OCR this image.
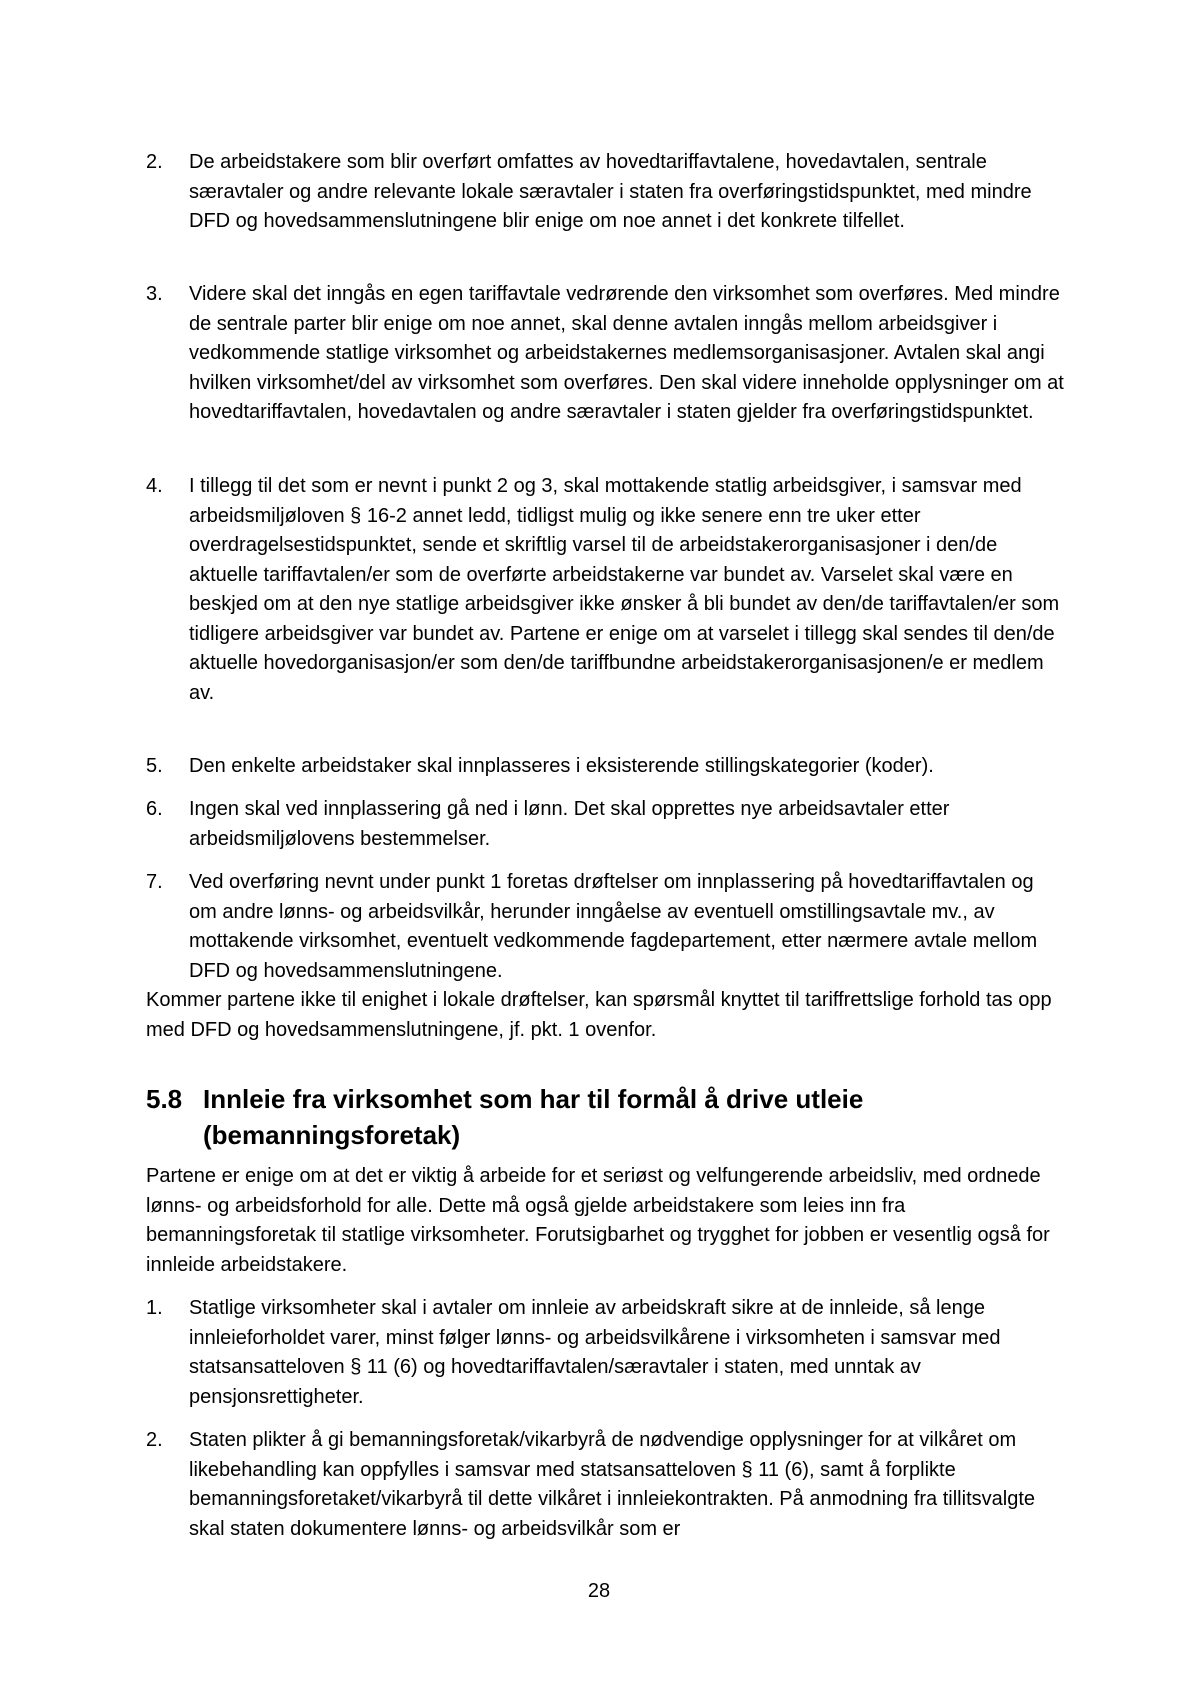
2. De arbeidstakere som blir overført omfattes av hovedtariffavtalene, hovedavtalen, sentrale særavtaler og andre relevante lokale særavtaler i staten fra overføringstidspunktet, med mindre DFD og hovedsammenslutningene blir enige om noe annet i det konkrete tilfellet.
3. Videre skal det inngås en egen tariffavtale vedrørende den virksomhet som overføres. Med mindre de sentrale parter blir enige om noe annet, skal denne avtalen inngås mellom arbeidsgiver i vedkommende statlige virksomhet og arbeidstakernes medlemsorganisasjoner. Avtalen skal angi hvilken virksomhet/del av virksomhet som overføres. Den skal videre inneholde opplysninger om at hovedtariffavtalen, hovedavtalen og andre særavtaler i staten gjelder fra overføringstidspunktet.
4. I tillegg til det som er nevnt i punkt 2 og 3, skal mottakende statlig arbeidsgiver, i samsvar med arbeidsmiljøloven § 16-2 annet ledd, tidligst mulig og ikke senere enn tre uker etter overdragelsestidspunktet, sende et skriftlig varsel til de arbeidstakerorganisasjoner i den/de aktuelle tariffavtalen/er som de overførte arbeidstakerne var bundet av. Varselet skal være en beskjed om at den nye statlige arbeidsgiver ikke ønsker å bli bundet av den/de tariffavtalen/er som tidligere arbeidsgiver var bundet av. Partene er enige om at varselet i tillegg skal sendes til den/de aktuelle hovedorganisasjon/er som den/de tariffbundne arbeidstakerorganisasjonen/e er medlem av.
5. Den enkelte arbeidstaker skal innplasseres i eksisterende stillingskategorier (koder).
6. Ingen skal ved innplassering gå ned i lønn. Det skal opprettes nye arbeidsavtaler etter arbeidsmiljølovens bestemmelser.
7. Ved overføring nevnt under punkt 1 foretas drøftelser om innplassering på hovedtariffavtalen og om andre lønns- og arbeidsvilkår, herunder inngåelse av eventuell omstillingsavtale mv., av mottakende virksomhet, eventuelt vedkommende fagdepartement, etter nærmere avtale mellom DFD og hovedsammenslutningene.
Kommer partene ikke til enighet i lokale drøftelser, kan spørsmål knyttet til tariffrettslige forhold tas opp med DFD og hovedsammenslutningene, jf. pkt. 1 ovenfor.
5.8 Innleie fra virksomhet som har til formål å drive utleie (bemanningsforetak)
Partene er enige om at det er viktig å arbeide for et seriøst og velfungerende arbeidsliv, med ordnede lønns- og arbeidsforhold for alle. Dette må også gjelde arbeidstakere som leies inn fra bemanningsforetak til statlige virksomheter. Forutsigbarhet og trygghet for jobben er vesentlig også for innleide arbeidstakere.
1. Statlige virksomheter skal i avtaler om innleie av arbeidskraft sikre at de innleide, så lenge innleieforholdet varer, minst følger lønns- og arbeidsvilkårene i virksomheten i samsvar med statsansatteloven § 11 (6) og hovedtariffavtalen/særavtaler i staten, med unntak av pensjonsrettigheter.
2. Staten plikter å gi bemanningsforetak/vikarbyrå de nødvendige opplysninger for at vilkåret om likebehandling kan oppfylles i samsvar med statsansatteloven § 11 (6), samt å forplikte bemanningsforetaket/vikarbyrå til dette vilkåret i innleiekontrakten. På anmodning fra tillitsvalgte skal staten dokumentere lønns- og arbeidsvilkår som er
28
